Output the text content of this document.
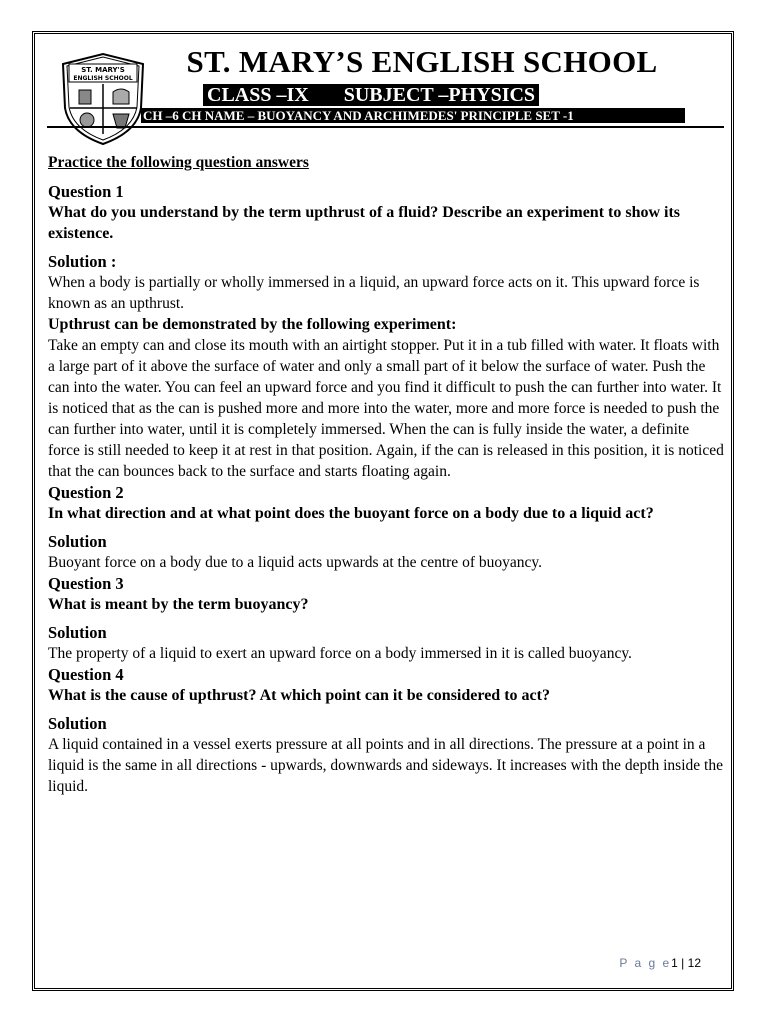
ST. MARY'S
ENGLISH SCHOOL	ST. MARY’S ENGLISH SCHOOL
CLASS –IX       SUBJECT –PHYSICS
CH –6 CH NAME – BUOYANCY AND ARCHIMEDES' PRINCIPLE SET -1

Practice the following question answers

Question 1

What do you understand by the term upthrust of a fluid? Describe an experiment to show its existence.

Solution :

When a body is partially or wholly immersed in a liquid, an upward force acts on it. This upward force is known as an upthrust.

Upthrust can be demonstrated by the following experiment:

Take an empty can and close its mouth with an airtight stopper. Put it in a tub filled with water. It floats with a large part of it above the surface of water and only a small part of it below the surface of water. Push the can into the water. You can feel an upward force and you find it difficult to push the can further into water. It is noticed that as the can is pushed more and more into the water, more and more force is needed to push the can further into water, until it is completely immersed. When the can is fully inside the water, a definite force is still needed to keep it at rest in that position. Again, if the can is released in this position, it is noticed that the can bounces back to the surface and starts floating again.

Question 2

In what direction and at what point does the buoyant force on a body due to a liquid act?

Solution

Buoyant force on a body due to a liquid acts upwards at the centre of buoyancy.

Question 3

What is meant by the term buoyancy?

Solution

The property of a liquid to exert an upward force on a body immersed in it is called buoyancy.

Question 4

What is the cause of upthrust? At which point can it be considered to act?

Solution

A liquid contained in a vessel exerts pressure at all points and in all directions. The pressure at a point in a liquid is the same in all directions - upwards, downwards and sideways. It increases with the depth inside the liquid.

P a g e1 | 12
